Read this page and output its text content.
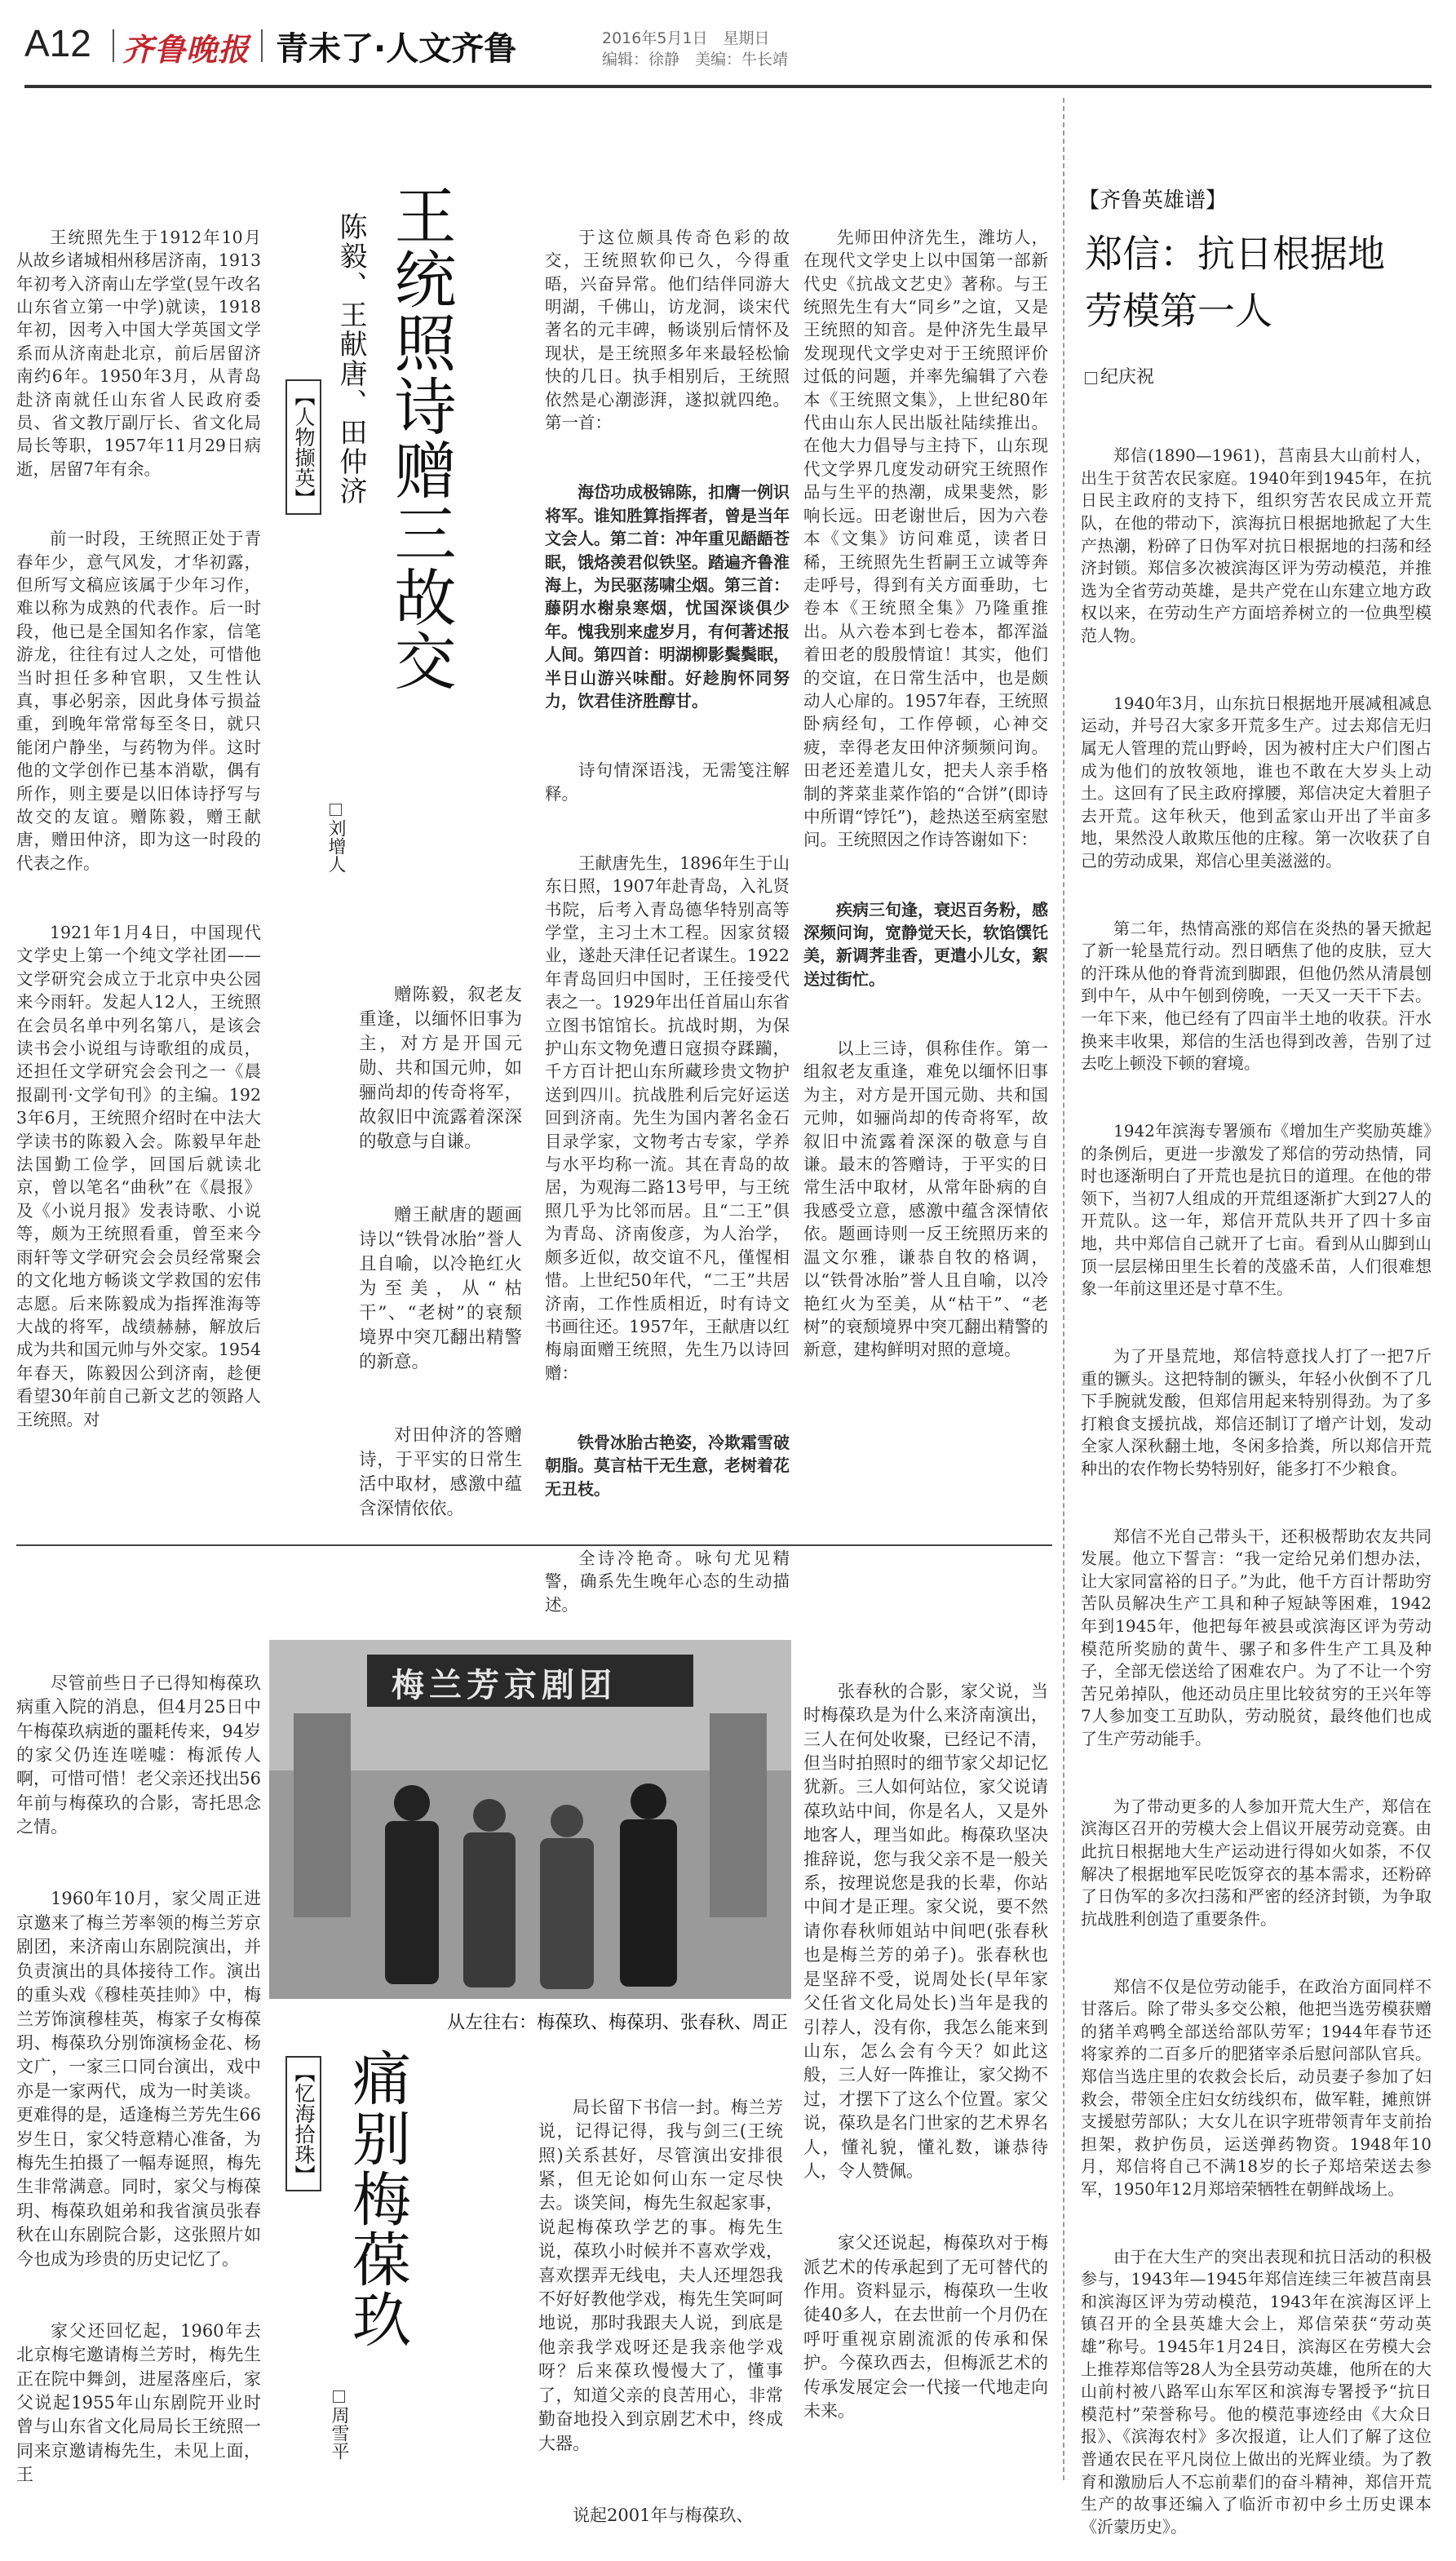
A12 齐鲁晚报 青未了·人文齐鲁	2016年5月1日　星期日
编辑：徐静　美编：牛长靖

王统照先生于1912年10月从故乡诸城相州移居济南，1913年初考入济南山左学堂(昱午改名山东省立第一中学)就读，1918年初，因考入中国大学英国文学系而从济南赴北京，前后居留济南约6年。1950年3月，从青岛赴济南就任山东省人民政府委员、省文教厅副厅长、省文化局局长等职，1957年11月29日病逝，居留7年有余。

前一时段，王统照正处于青春年少，意气风发，才华初露，但所写文稿应该属于少年习作，难以称为成熟的代表作。后一时段，他已是全国知名作家，信笔游龙，往往有过人之处，可惜他当时担任多种官职，又生性认真，事必躬亲，因此身体亏损益重，到晚年常常每至冬日，就只能闭户静坐，与药物为伴。这时他的文学创作已基本消歇，偶有所作，则主要是以旧体诗抒写与故交的友谊。赠陈毅，赠王献唐，赠田仲济，即为这一时段的代表之作。

1921年1月4日，中国现代文学史上第一个纯文学社团——文学研究会成立于北京中央公园来今雨轩。发起人12人，王统照在会员名单中列名第八，是该会读书会小说组与诗歌组的成员，还担任文学研究会会刊之一《晨报副刊·文学旬刊》的主编。1923年6月，王统照介绍时在中法大学读书的陈毅入会。陈毅早年赴法国勤工俭学，回国后就读北京，曾以笔名“曲秋”在《晨报》及《小说月报》发表诗歌、小说等，颇为王统照看重，曾至来今雨轩等文学研究会会员经常聚会的文化地方畅谈文学救国的宏伟志愿。后来陈毅成为指挥淮海等大战的将军，战绩赫赫，解放后成为共和国元帅与外交家。1954年春天，陈毅因公到济南，趁便看望30年前自己新文艺的领路人王统照。对

王统照诗赠三故交
陈毅、王献唐、田仲济
【人物撷英】
刘增人

赠陈毅，叙老友重逢，以缅怀旧事为主，对方是开国元勋、共和国元帅，如骊尚却的传奇将军，故叙旧中流露着深深的敬意与自谦。

赠王献唐的题画诗以“铁骨冰胎”誉人且自喻，以冷艳红火为至美，从“枯干”、“老树”的衰颓境界中突兀翻出精警的新意。

对田仲济的答赠诗，于平实的日常生活中取材，感激中蕴含深情依依。

于这位颇具传奇色彩的故交，王统照软仰已久，今得重晤，兴奋异常。他们结伴同游大明湖，千佛山，访龙洞，谈宋代著名的元丰碑，畅谈别后情怀及现状，是王统照多年来最轻松愉快的几日。执手相别后，王统照依然是心潮澎湃，遂拟就四绝。第一首：

海岱功成极锦陈，扣膺一例识将军。谁知胜算指挥者，曾是当年文会人。第二首：冲年重见龉龉苍眠，饿烙羡君似铁坚。踏遍齐鲁淮海上，为民驱荡啸尘烟。第三首：藤阴水榭泉寒烟，忧国深谈俱少年。愧我别来虚岁月，有何著述报人间。第四首：明湖柳影鬓鬓眠，半日山游兴味酣。好趁朐怀同努力，饮君佳济胜醇甘。

诗句情深语浅，无需笺注解释。

王献唐先生，1896年生于山东日照，1907年赴青岛，入礼贤书院，后考入青岛德华特别高等学堂，主习土木工程。因家贫辍业，遂赴天津任记者谋生。1922年青岛回归中国时，王任接受代表之一。1929年出任首届山东省立图书馆馆长。抗战时期，为保护山东文物免遭日寇损夺蹂躏，千方百计把山东所藏珍贵文物护送到四川。抗战胜利后完好运送回到济南。先生为国内著名金石目录学家，文物考古专家，学养与水平均称一流。其在青岛的故居，为观海二路13号甲，与王统照几乎为比邻而居。且“二王”俱为青岛、济南俊彦，为人治学，颇多近似，故交谊不凡，僅惺相惜。上世纪50年代，“二王”共居济南，工作性质相近，时有诗文书画往还。1957年，王献唐以红梅扇面赠王统照，先生乃以诗回赠：

铁骨冰胎古艳姿，冷欺霜雪破朝脂。莫言枯干无生意，老树着花无丑枝。

全诗冷艳奇。咏句尤见精警，确系先生晚年心态的生动描述。

先师田仲济先生，潍坊人，在现代文学史上以中国第一部新代史《抗战文艺史》著称。与王统照先生有大“同乡”之谊，又是王统照的知音。是仲济先生最早发现现代文学史对于王统照评价过低的问题，并率先编辑了六卷本《王统照文集》，上世纪80年代由山东人民出版社陆续推出。在他大力倡导与主持下，山东现代文学界几度发动研究王统照作品与生平的热潮，成果斐然，影响长远。田老谢世后，因为六卷本《文集》访问难觅，读者日稀，王统照先生哲嗣王立诚等奔走呼号，得到有关方面垂助，七卷本《王统照全集》乃隆重推出。从六卷本到七卷本，都浑溢着田老的殷殷情谊！其实，他们的交谊，在日常生活中，也是颇动人心扉的。1957年春，王统照卧病经旬，工作停顿，心神交疲，幸得老友田仲济频频问询。田老还差遣儿女，把夫人亲手格制的荠菜韭菜作馅的“合饼”(即诗中所谓“饽饦”)，趁热送至病室慰问。王统照因之作诗答谢如下：

疾病三旬逢，衰迟百务粉，感深频问询，宽静觉天长，软馅馔饦美，新调荠韭香，更遣小儿女，絮送过街忙。

以上三诗，俱称佳作。第一组叙老友重逢，难免以缅怀旧事为主，对方是开国元勋、共和国元帅，如骊尚却的传奇将军，故叙旧中流露着深深的敬意与自谦。最末的答赠诗，于平实的日常生活中取材，从常年卧病的自我感受立意，感激中蕴含深情依依。题画诗则一反王统照历来的温文尔雅，谦恭自牧的格调，以“铁骨冰胎”誉人且自喻，以冷艳红火为至美，从“枯干”、“老树”的衰颓境界中突兀翻出精警的新意，建构鲜明对照的意境。

【齐鲁英雄谱】
郑信：抗日根据地
劳模第一人
纪庆祝

郑信(1890—1961)，莒南县大山前村人，出生于贫苦农民家庭。1940年到1945年，在抗日民主政府的支持下，组织穷苦农民成立开荒队，在他的带动下，滨海抗日根据地掀起了大生产热潮，粉碎了日伪军对抗日根据地的扫荡和经济封锁。郑信多次被滨海区评为劳动模范，并推选为全省劳动英雄，是共产党在山东建立地方政权以来，在劳动生产方面培养树立的一位典型模范人物。

1940年3月，山东抗日根据地开展减租减息运动，并号召大家多开荒多生产。过去郑信无归属无人管理的荒山野岭，因为被村庄大户们图占成为他们的放牧领地，谁也不敢在大岁头上动土。这回有了民主政府撑腰，郑信决定大着胆子去开荒。这年秋天，他到孟家山开出了半亩多地，果然没人敢欺压他的庄稼。第一次收获了自己的劳动成果，郑信心里美滋滋的。

第二年，热情高涨的郑信在炎热的暑天掀起了新一轮垦荒行动。烈日晒焦了他的皮肤，豆大的汗珠从他的脊背流到脚跟，但他仍然从清晨刨到中午，从中午刨到傍晚，一天又一天干下去。一年下来，他已经有了四亩半土地的收获。汗水换来丰收果，郑信的生活也得到改善，告别了过去吃上顿没下顿的窘境。

1942年滨海专署颁布《增加生产奖励英雄》的条例后，更进一步激发了郑信的劳动热情，同时也逐渐明白了开荒也是抗日的道理。在他的带领下，当初7人组成的开荒组逐渐扩大到27人的开荒队。这一年，郑信开荒队共开了四十多亩地，共中郑信自己就开了七亩。看到从山脚到山顶一层层梯田里生长着的茂盛禾苗，人们很难想象一年前这里还是寸草不生。

为了开垦荒地，郑信特意找人打了一把7斤重的镢头。这把特制的镢头，年轻小伙倒不了几下手腕就发酸，但郑信用起来特别得劲。为了多打粮食支援抗战，郑信还制订了增产计划，发动全家人深秋翻土地，冬闲多拾粪，所以郑信开荒种出的农作物长势特别好，能多打不少粮食。

郑信不光自己带头干，还积极帮助农友共同发展。他立下誓言：“我一定给兄弟们想办法，让大家同富裕的日子。”为此，他千方百计帮助穷苦队员解决生产工具和种子短缺等困难，1942年到1945年，他把每年被县或滨海区评为劳动模范所奖励的黄牛、骡子和多件生产工具及种子，全部无偿送给了困难农户。为了不让一个穷苦兄弟掉队，他还动员庄里比较贫穷的王兴年等7人参加变工互助队，劳动脱贫，最终他们也成了生产劳动能手。

为了带动更多的人参加开荒大生产，郑信在滨海区召开的劳模大会上倡议开展劳动竞赛。由此抗日根据地大生产运动进行得如火如荼，不仅解决了根据地军民吃饭穿衣的基本需求，还粉碎了日伪军的多次扫荡和严密的经济封锁，为争取抗战胜利创造了重要条件。

郑信不仅是位劳动能手，在政治方面同样不甘落后。除了带头多交公粮，他把当选劳模获赠的猪羊鸡鸭全部送给部队劳军；1944年春节还将家养的二百多斤的肥猪宰杀后慰问部队官兵。郑信当选庄里的农救会长后，动员妻子参加了妇救会，带领全庄妇女纺线织布，做军鞋，摊煎饼支援慰劳部队；大女儿在识字班带领青年支前抬担架，救护伤员，运送弹药物资。1948年10月，郑信将自己不满18岁的长子郑培荣送去参军，1950年12月郑培荣牺牲在朝鲜战场上。

由于在大生产的突出表现和抗日活动的积极参与，1943年—1945年郑信连续三年被莒南县和滨海区评为劳动模范，1943年在滨海区评上镇召开的全县英雄大会上，郑信荣获“劳动英雄”称号。1945年1月24日，滨海区在劳模大会上推荐郑信等28人为全县劳动英雄，他所在的大山前村被八路军山东军区和滨海专署授予“抗日模范村”荣誉称号。他的模范事迹经由《大众日报》、《滨海农村》多次报道，让人们了解了这位普通农民在平凡岗位上做出的光辉业绩。为了教育和激励后人不忘前辈们的奋斗精神，郑信开荒生产的故事还编入了临沂市初中乡土历史课本《沂蒙历史》。

尽管前些日子已得知梅葆玖病重入院的消息，但4月25日中午梅葆玖病逝的噩耗传来，94岁的家父仍连连嗟嘘：梅派传人啊，可惜可惜！老父亲还找出56年前与梅葆玖的合影，寄托思念之情。

1960年10月，家父周正进京邀来了梅兰芳率领的梅兰芳京剧团，来济南山东剧院演出，并负责演出的具体接待工作。演出的重头戏《穆桂英挂帅》中，梅兰芳饰演穆桂英，梅家子女梅葆玥、梅葆玖分别饰演杨金花、杨文广，一家三口同台演出，戏中亦是一家两代，成为一时美谈。更难得的是，适逢梅兰芳先生66岁生日，家父特意精心准备，为梅先生拍摄了一幅寿诞照，梅先生非常满意。同时，家父与梅葆玥、梅葆玖姐弟和我省演员张春秋在山东剧院合影，这张照片如今也成为珍贵的历史记忆了。

家父还回忆起，1960年去北京梅宅邀请梅兰芳时，梅先生正在院中舞剑，进屋落座后，家父说起1955年山东剧院开业时曾与山东省文化局局长王统照一同来京邀请梅先生，未见上面，王

梅兰芳京剧团
从左往右：梅葆玖、梅葆玥、张春秋、周正
【忆海拾珠】 痛别梅葆玖
周雪平

局长留下书信一封。梅兰芳说，记得记得，我与剑三(王统照)关系甚好，尽管演出安排很紧，但无论如何山东一定尽快去。谈笑间，梅先生叙起家事，说起梅葆玖学艺的事。梅先生说，葆玖小时候并不喜欢学戏，喜欢摆弄无线电，夫人还埋怨我不好好教他学戏，梅先生笑呵呵地说，那时我跟夫人说，到底是他亲我学戏呀还是我亲他学戏呀？后来葆玖慢慢大了，懂事了，知道父亲的良苦用心，非常勤奋地投入到京剧艺术中，终成大器。

说起2001年与梅葆玖、

张春秋的合影，家父说，当时梅葆玖是为什么来济南演出，三人在何处收聚，已经记不清，但当时拍照时的细节家父却记忆犹新。三人如何站位，家父说请葆玖站中间，你是名人，又是外地客人，理当如此。梅葆玖坚决推辞说，您与我父亲不是一般关系，按理说您是我的长辈，你站中间才是正理。家父说，要不然请你春秋师姐站中间吧(张春秋也是梅兰芳的弟子)。张春秋也是坚辞不受，说周处长(早年家父任省文化局处长)当年是我的引荐人，没有你，我怎么能来到山东，怎么会有今天？如此这般，三人好一阵推让，家父拗不过，才摆下了这么个位置。家父说，葆玖是名门世家的艺术界名人，懂礼貌，懂礼数，谦恭待人，令人赞佩。

家父还说起，梅葆玖对于梅派艺术的传承起到了无可替代的作用。资料显示，梅葆玖一生收徒40多人，在去世前一个月仍在呼吁重视京剧流派的传承和保护。今葆玖西去，但梅派艺术的传承发展定会一代接一代地走向未来。
